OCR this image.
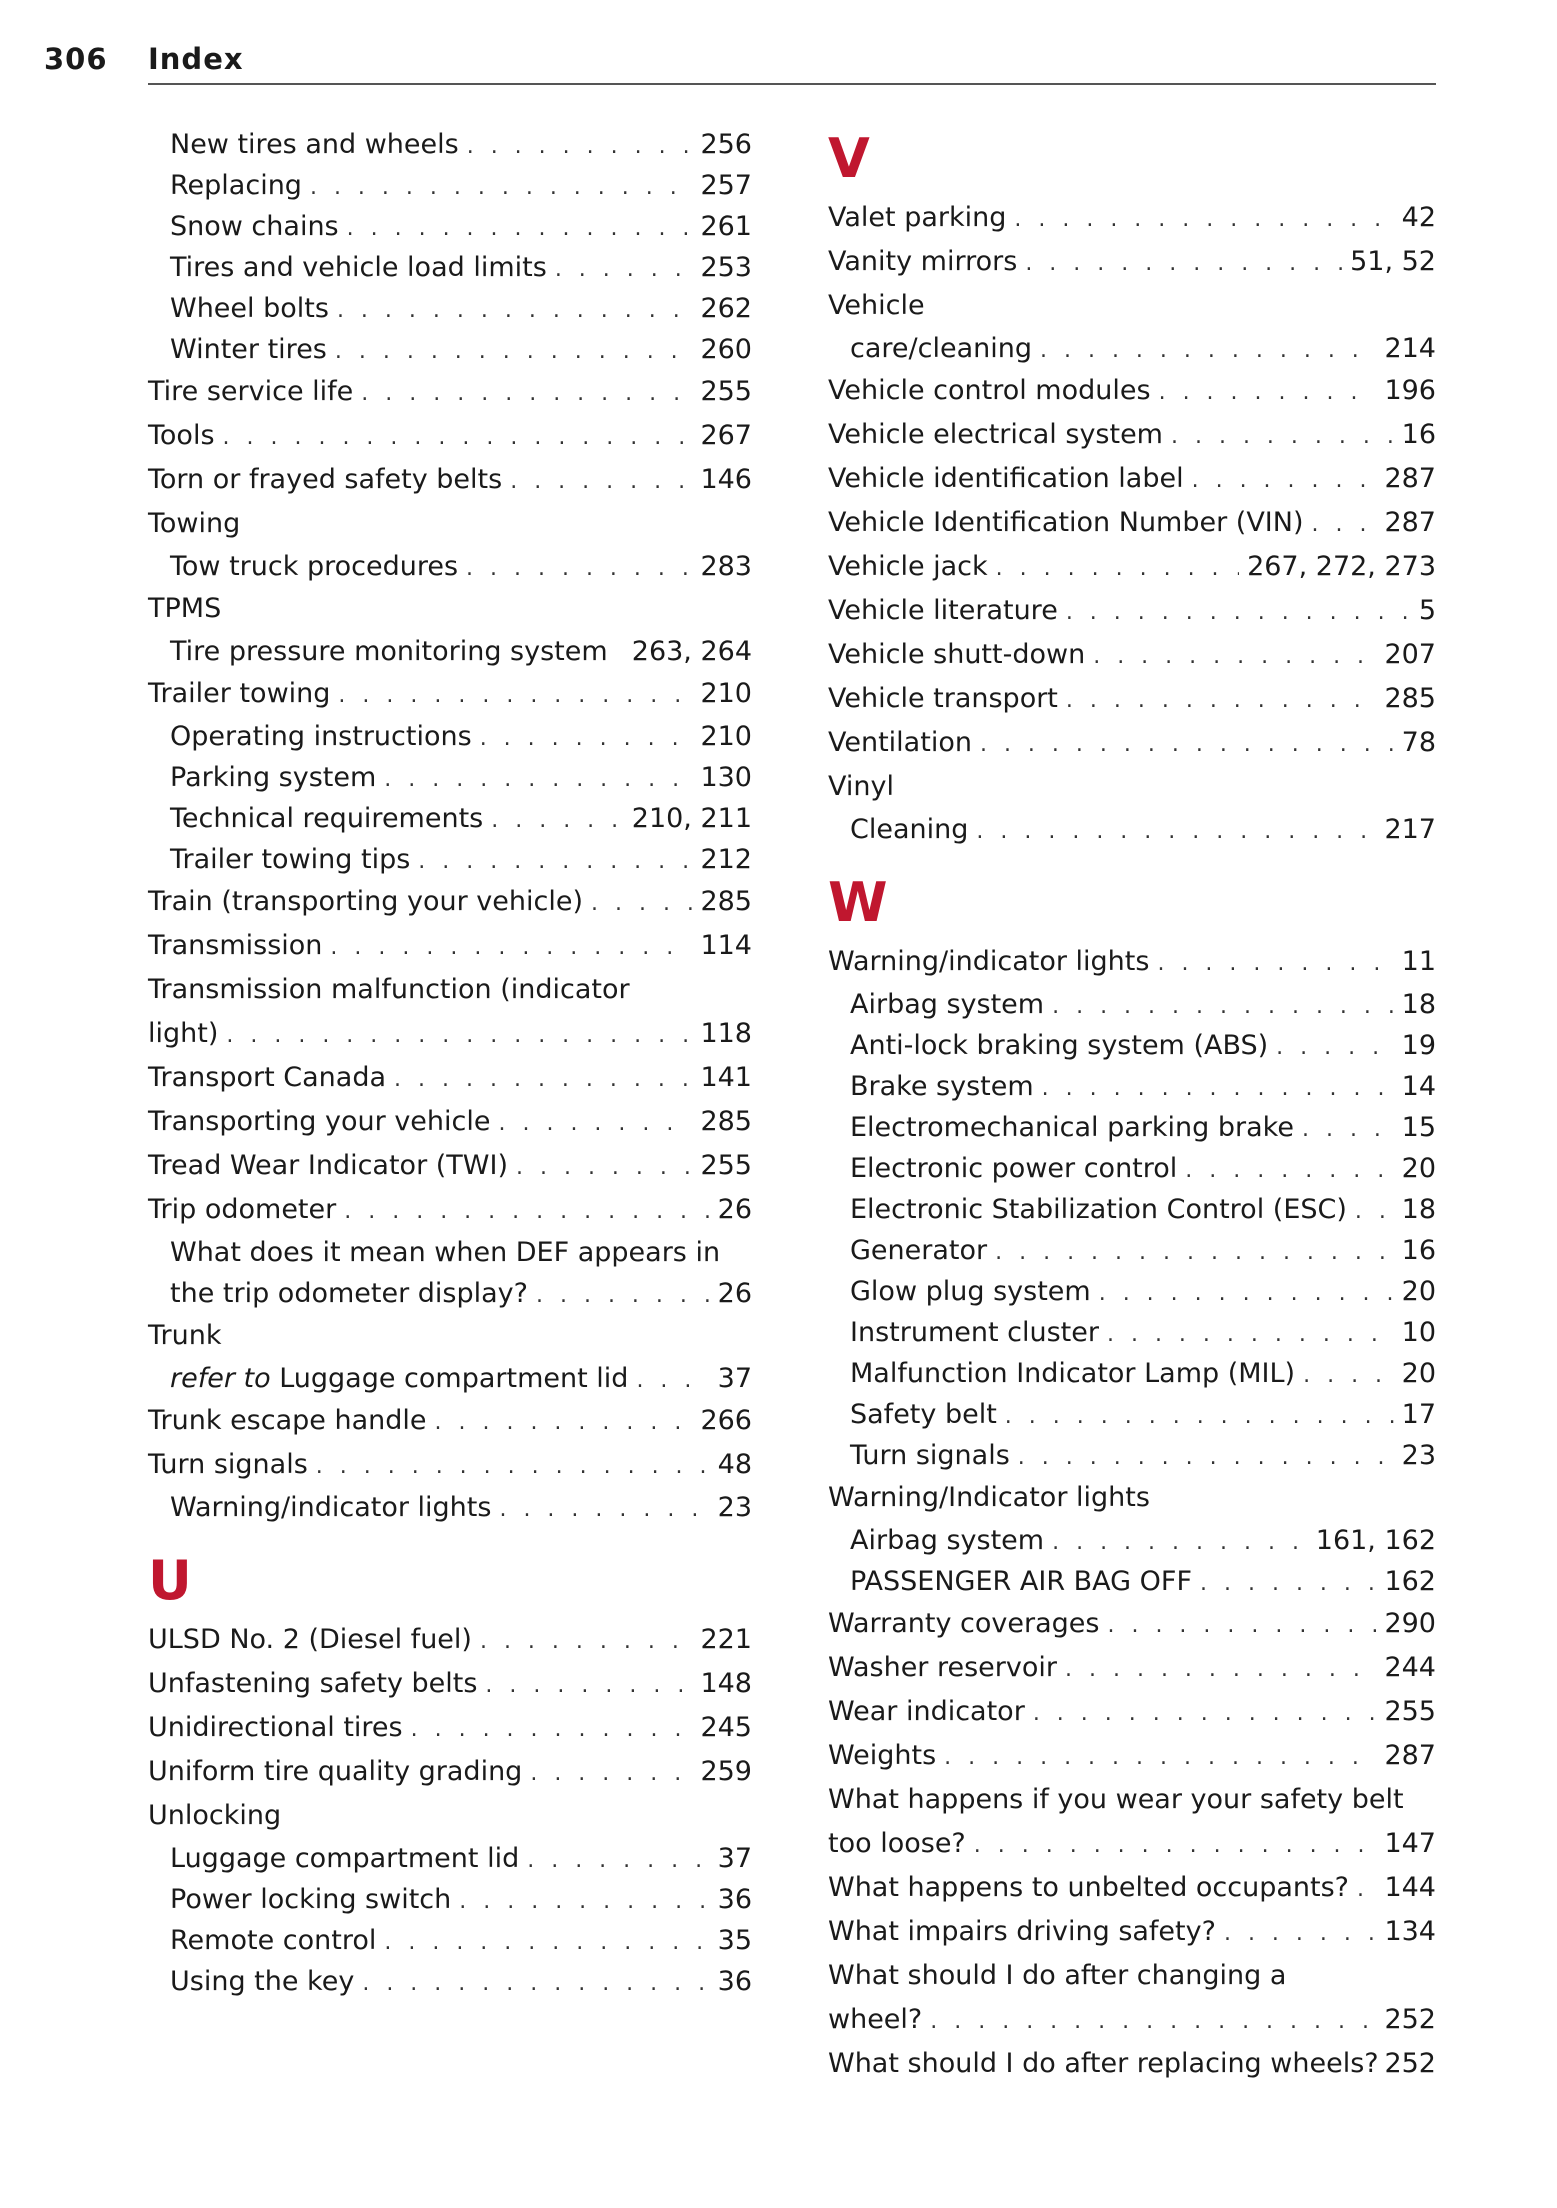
306 Index
New tires and wheels . . .	256
Replacing . . .	257
Snow chains . . .	261
Tires and vehicle load limits . . .	253
Wheel bolts . . .	262
Winter tires . . .	260
Tire service life . . .	255
Tools . . .	267
Torn or frayed safety belts . . .	146
Towing
Tow truck procedures . . .	283
TPMS
Tire pressure monitoring system 263, 264
Trailer towing . . .	210
Operating instructions . . .	210
Parking system . . .	130
Technical requirements . . .	210, 211
Trailer towing tips . . .	212
Train (transporting your vehicle) . . .	285
Transmission . . .	114
Transmission malfunction (indicator
light) . . .	118
Transport Canada . . .	141
Transporting your vehicle . . .	285
Tread Wear Indicator (TWI) . . .	255
Trip odometer . . .	26
What does it mean when DEF appears in
the trip odometer display? . . .	26
Trunk
refer to Luggage compartment lid . . .	37
Trunk escape handle . . .	266
Turn signals . . .	48
Warning/indicator lights . . .	23
U
ULSD No. 2 (Diesel fuel) . . .	221
Unfastening safety belts . . .	148
Unidirectional tires . . .	245
Uniform tire quality grading . . .	259
Unlocking
Luggage compartment lid . . .	37
Power locking switch . . .	36
Remote control . . .	35
Using the key . . .	36
V
Valet parking . . .	42
Vanity mirrors . . .	51, 52
Vehicle
care/cleaning . . .	214
Vehicle control modules . . .	196
Vehicle electrical system . . .	16
Vehicle identification label . . .	287
Vehicle Identification Number (VIN) . . .	287
Vehicle jack . . .	267, 272, 273
Vehicle literature . . .	5
Vehicle shutt-down . . .	207
Vehicle transport . . .	285
Ventilation . . .	78
Vinyl
Cleaning . . .	217
W
Warning/indicator lights . . .	11
Airbag system . . .	18
Anti-lock braking system (ABS) . . .	19
Brake system . . .	14
Electromechanical parking brake . . .	15
Electronic power control . . .	20
Electronic Stabilization Control (ESC) . . . 18
Generator . . .	16
Glow plug system . . .	20
Instrument cluster . . .	10
Malfunction Indicator Lamp (MIL) . . .	20
Safety belt . . .	17
Turn signals . . .	23
Warning/Indicator lights
Airbag system . . .	161, 162
PASSENGER AIR BAG OFF . . .	162
Warranty coverages . . .	290
Washer reservoir . . .	244
Wear indicator . . .	255
Weights . . .	287
What happens if you wear your safety belt
too loose? . . .	147
What happens to unbelted occupants? . . . 144
What impairs driving safety? . . .	134
What should I do after changing a
wheel? . . .	252
What should I do after replacing wheels? 252
